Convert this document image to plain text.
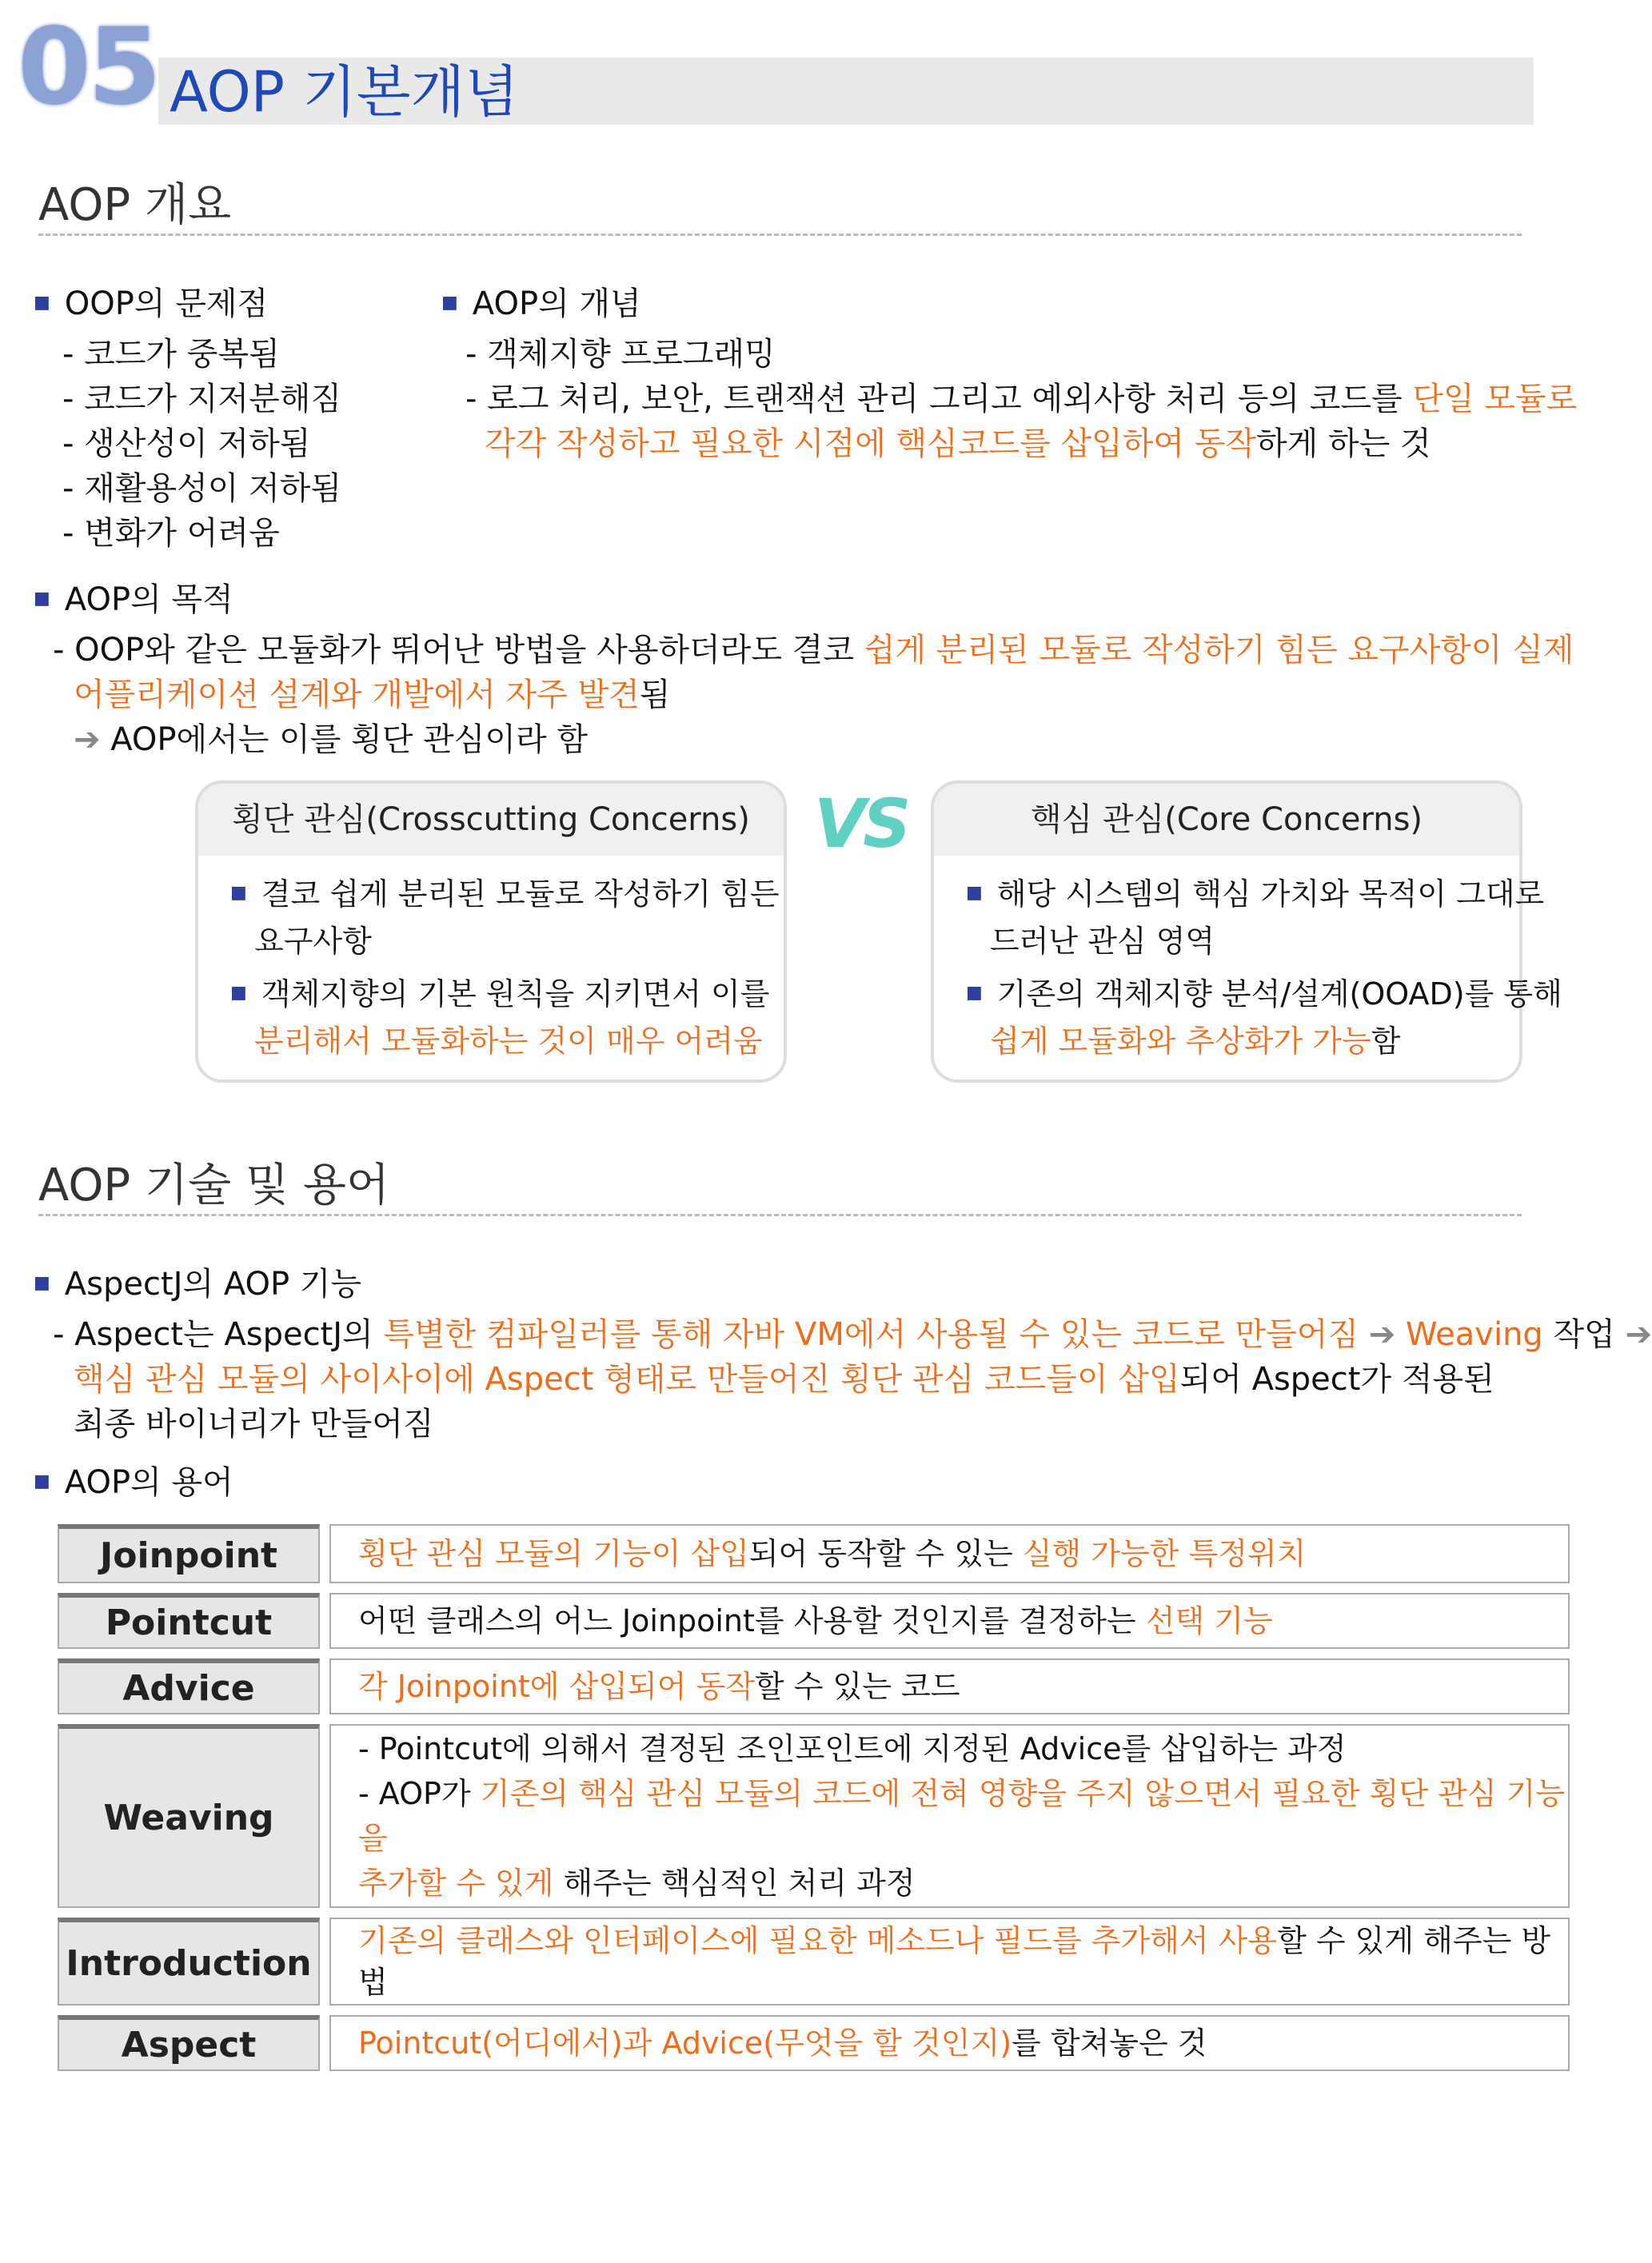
05 AOP 기본개념
AOP 개요
■ OOP의 문제점
- 코드가 중복됨
- 코드가 지저분해짐
- 생산성이 저하됨
- 재활용성이 저하됨
- 변화가 어려움
■ AOP의 개념
- 객체지향 프로그래밍
- 로그 처리, 보안, 트랜잭션 관리 그리고 예외사항 처리 등의 코드를 단일 모듈로
각각 작성하고 필요한 시점에 핵심코드를 삽입하여 동작하게 하는 것
■ AOP의 목적
- OOP와 같은 모듈화가 뛰어난 방법을 사용하더라도 결코 쉽게 분리된 모듈로 작성하기 힘든 요구사항이 실제
어플리케이션 설계와 개발에서 자주 발견됨
➔ AOP에서는 이를 횡단 관심이라 함
횡단 관심(Crosscutting Concerns)
■ 결코 쉽게 분리된 모듈로 작성하기 힘든
요구사항
■ 객체지향의 기본 원칙을 지키면서 이를
분리해서 모듈화하는 것이 매우 어려움
VS	핵심 관심(Core Concerns)
■ 해당 시스템의 핵심 가치와 목적이 그대로
드러난 관심 영역
■ 기존의 객체지향 분석/설계(OOAD)를 통해
쉽게 모듈화와 추상화가 가능함
AOP 기술 및 용어
■ AspectJ의 AOP 기능
- Aspect는 AspectJ의 특별한 컴파일러를 통해 자바 VM에서 사용될 수 있는 코드로 만들어짐 ➔ Weaving 작업 ➔
핵심 관심 모듈의 사이사이에 Aspect 형태로 만들어진 횡단 관심 코드들이 삽입되어 Aspect가 적용된
최종 바이너리가 만들어짐
■ AOP의 용어
Joinpoint		횡단 관심 모듈의 기능이 삽입되어 동작할 수 있는 실행 가능한 특정위치
Pointcut		어떤 클래스의 어느 Joinpoint를 사용할 것인지를 결정하는 선택 기능
Advice		각 Joinpoint에 삽입되어 동작할 수 있는 코드
Weaving		- Pointcut에 의해서 결정된 조인포인트에 지정된 Advice를 삽입하는 과정
- AOP가 기존의 핵심 관심 모듈의 코드에 전혀 영향을 주지 않으면서 필요한 횡단 관심 기능을
추가할 수 있게 해주는 핵심적인 처리 과정

Introduction		기존의 클래스와 인터페이스에 필요한 메소드나 필드를 추가해서 사용할 수 있게 해주는 방법
Aspect		Pointcut(어디에서)과 Advice(무엇을 할 것인지)를 합쳐놓은 것
